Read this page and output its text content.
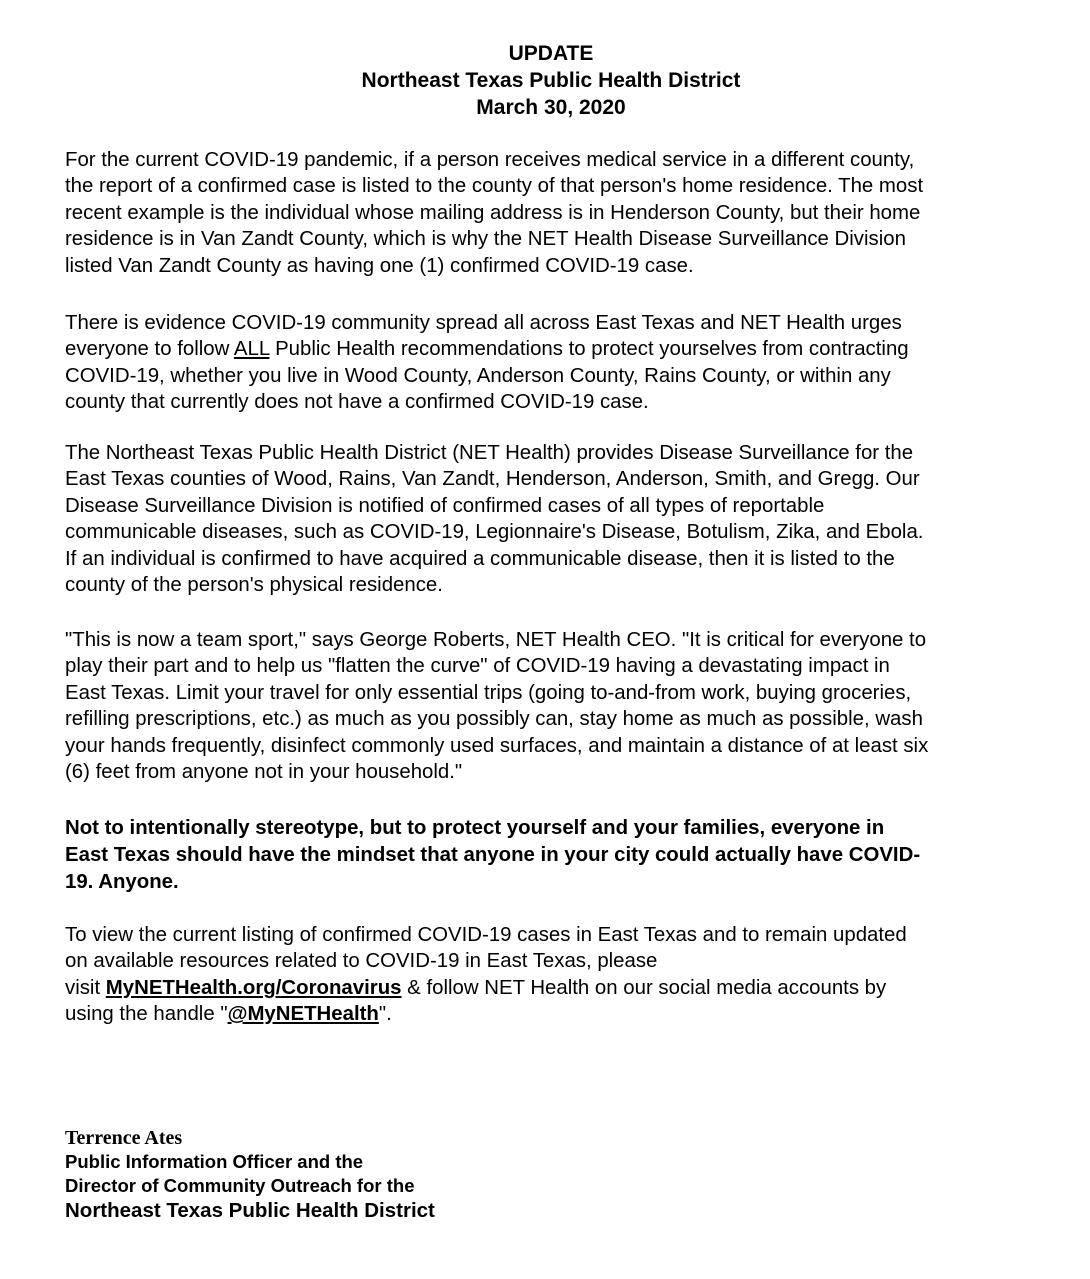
UPDATE
Northeast Texas Public Health District
March 30, 2020

For the current COVID-19 pandemic, if a person receives medical service in a different county,
the report of a confirmed case is listed to the county of that person's home residence. The most
recent example is the individual whose mailing address is in Henderson County, but their home
residence is in Van Zandt County, which is why the NET Health Disease Surveillance Division
listed Van Zandt County as having one (1) confirmed COVID-19 case.

There is evidence COVID-19 community spread all across East Texas and NET Health urges
everyone to follow ALL Public Health recommendations to protect yourselves from contracting
COVID-19, whether you live in Wood County, Anderson County, Rains County, or within any
county that currently does not have a confirmed COVID-19 case.

The Northeast Texas Public Health District (NET Health) provides Disease Surveillance for the
East Texas counties of Wood, Rains, Van Zandt, Henderson, Anderson, Smith, and Gregg. Our
Disease Surveillance Division is notified of confirmed cases of all types of reportable
communicable diseases, such as COVID-19, Legionnaire's Disease, Botulism, Zika, and Ebola.
If an individual is confirmed to have acquired a communicable disease, then it is listed to the
county of the person's physical residence.

"This is now a team sport," says George Roberts, NET Health CEO. "It is critical for everyone to
play their part and to help us "flatten the curve" of COVID-19 having a devastating impact in
East Texas. Limit your travel for only essential trips (going to-and-from work, buying groceries,
refilling prescriptions, etc.) as much as you possibly can, stay home as much as possible, wash
your hands frequently, disinfect commonly used surfaces, and maintain a distance of at least six
(6) feet from anyone not in your household."

Not to intentionally stereotype, but to protect yourself and your families, everyone in
East Texas should have the mindset that anyone in your city could actually have COVID-
19. Anyone.

To view the current listing of confirmed COVID-19 cases in East Texas and to remain updated
on available resources related to COVID-19 in East Texas, please
visit MyNETHealth.org/Coronavirus & follow NET Health on our social media accounts by
using the handle "@MyNETHealth".

Terrence Ates
Public Information Officer and the
Director of Community Outreach for the
Northeast Texas Public Health District
